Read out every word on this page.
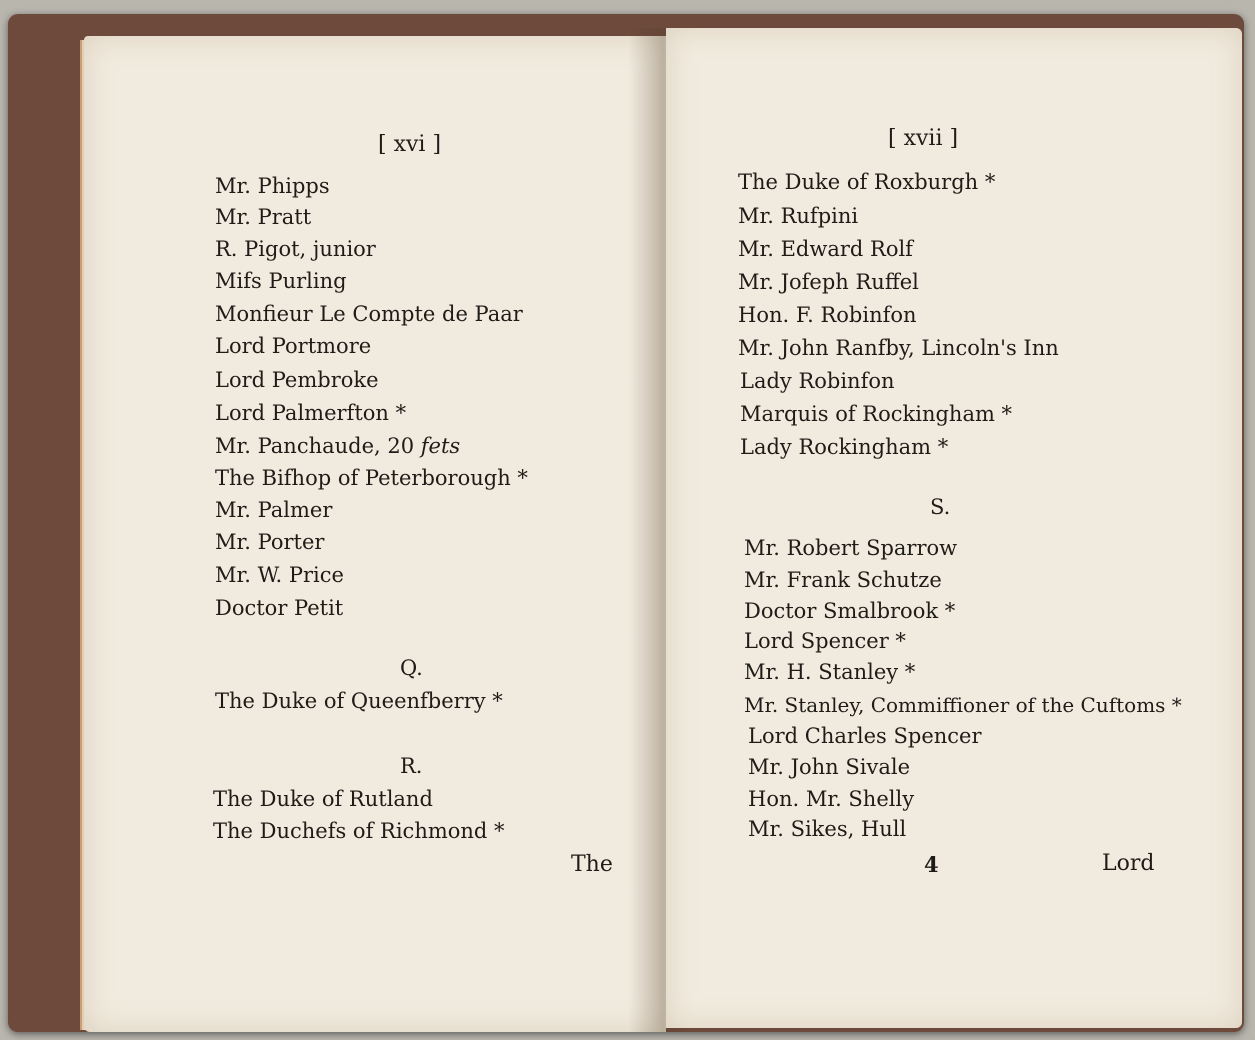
[ xvi ]
Mr. Phipps
Mr. Pratt
R. Pigot, junior
Mifs Purling
Monfieur Le Compte de Paar
Lord Portmore
Lord Pembroke
Lord Palmerfton *
Mr. Panchaude, 20 fets
The Bifhop of Peterborough *
Mr. Palmer
Mr. Porter
Mr. W. Price
Doctor Petit
Q.
The Duke of Queenfberry *
R.
The Duke of Rutland
The Duchefs of Richmond *
The
[ xvii ]
The Duke of Roxburgh *
Mr. Rufpini
Mr. Edward Rolf
Mr. Jofeph Ruffel
Hon. F. Robinfon
Mr. John Ranfby, Lincoln's Inn
Lady Robinfon
Marquis of Rockingham *
Lady Rockingham *
S.
Mr. Robert Sparrow
Mr. Frank Schutze
Doctor Smalbrook *
Lord Spencer *
Mr. H. Stanley *
Mr. Stanley, Commiffioner of the Cuftoms *
Lord Charles Spencer
Mr. John Sivale
Hon. Mr. Shelly
Mr. Sikes, Hull
4	Lord
